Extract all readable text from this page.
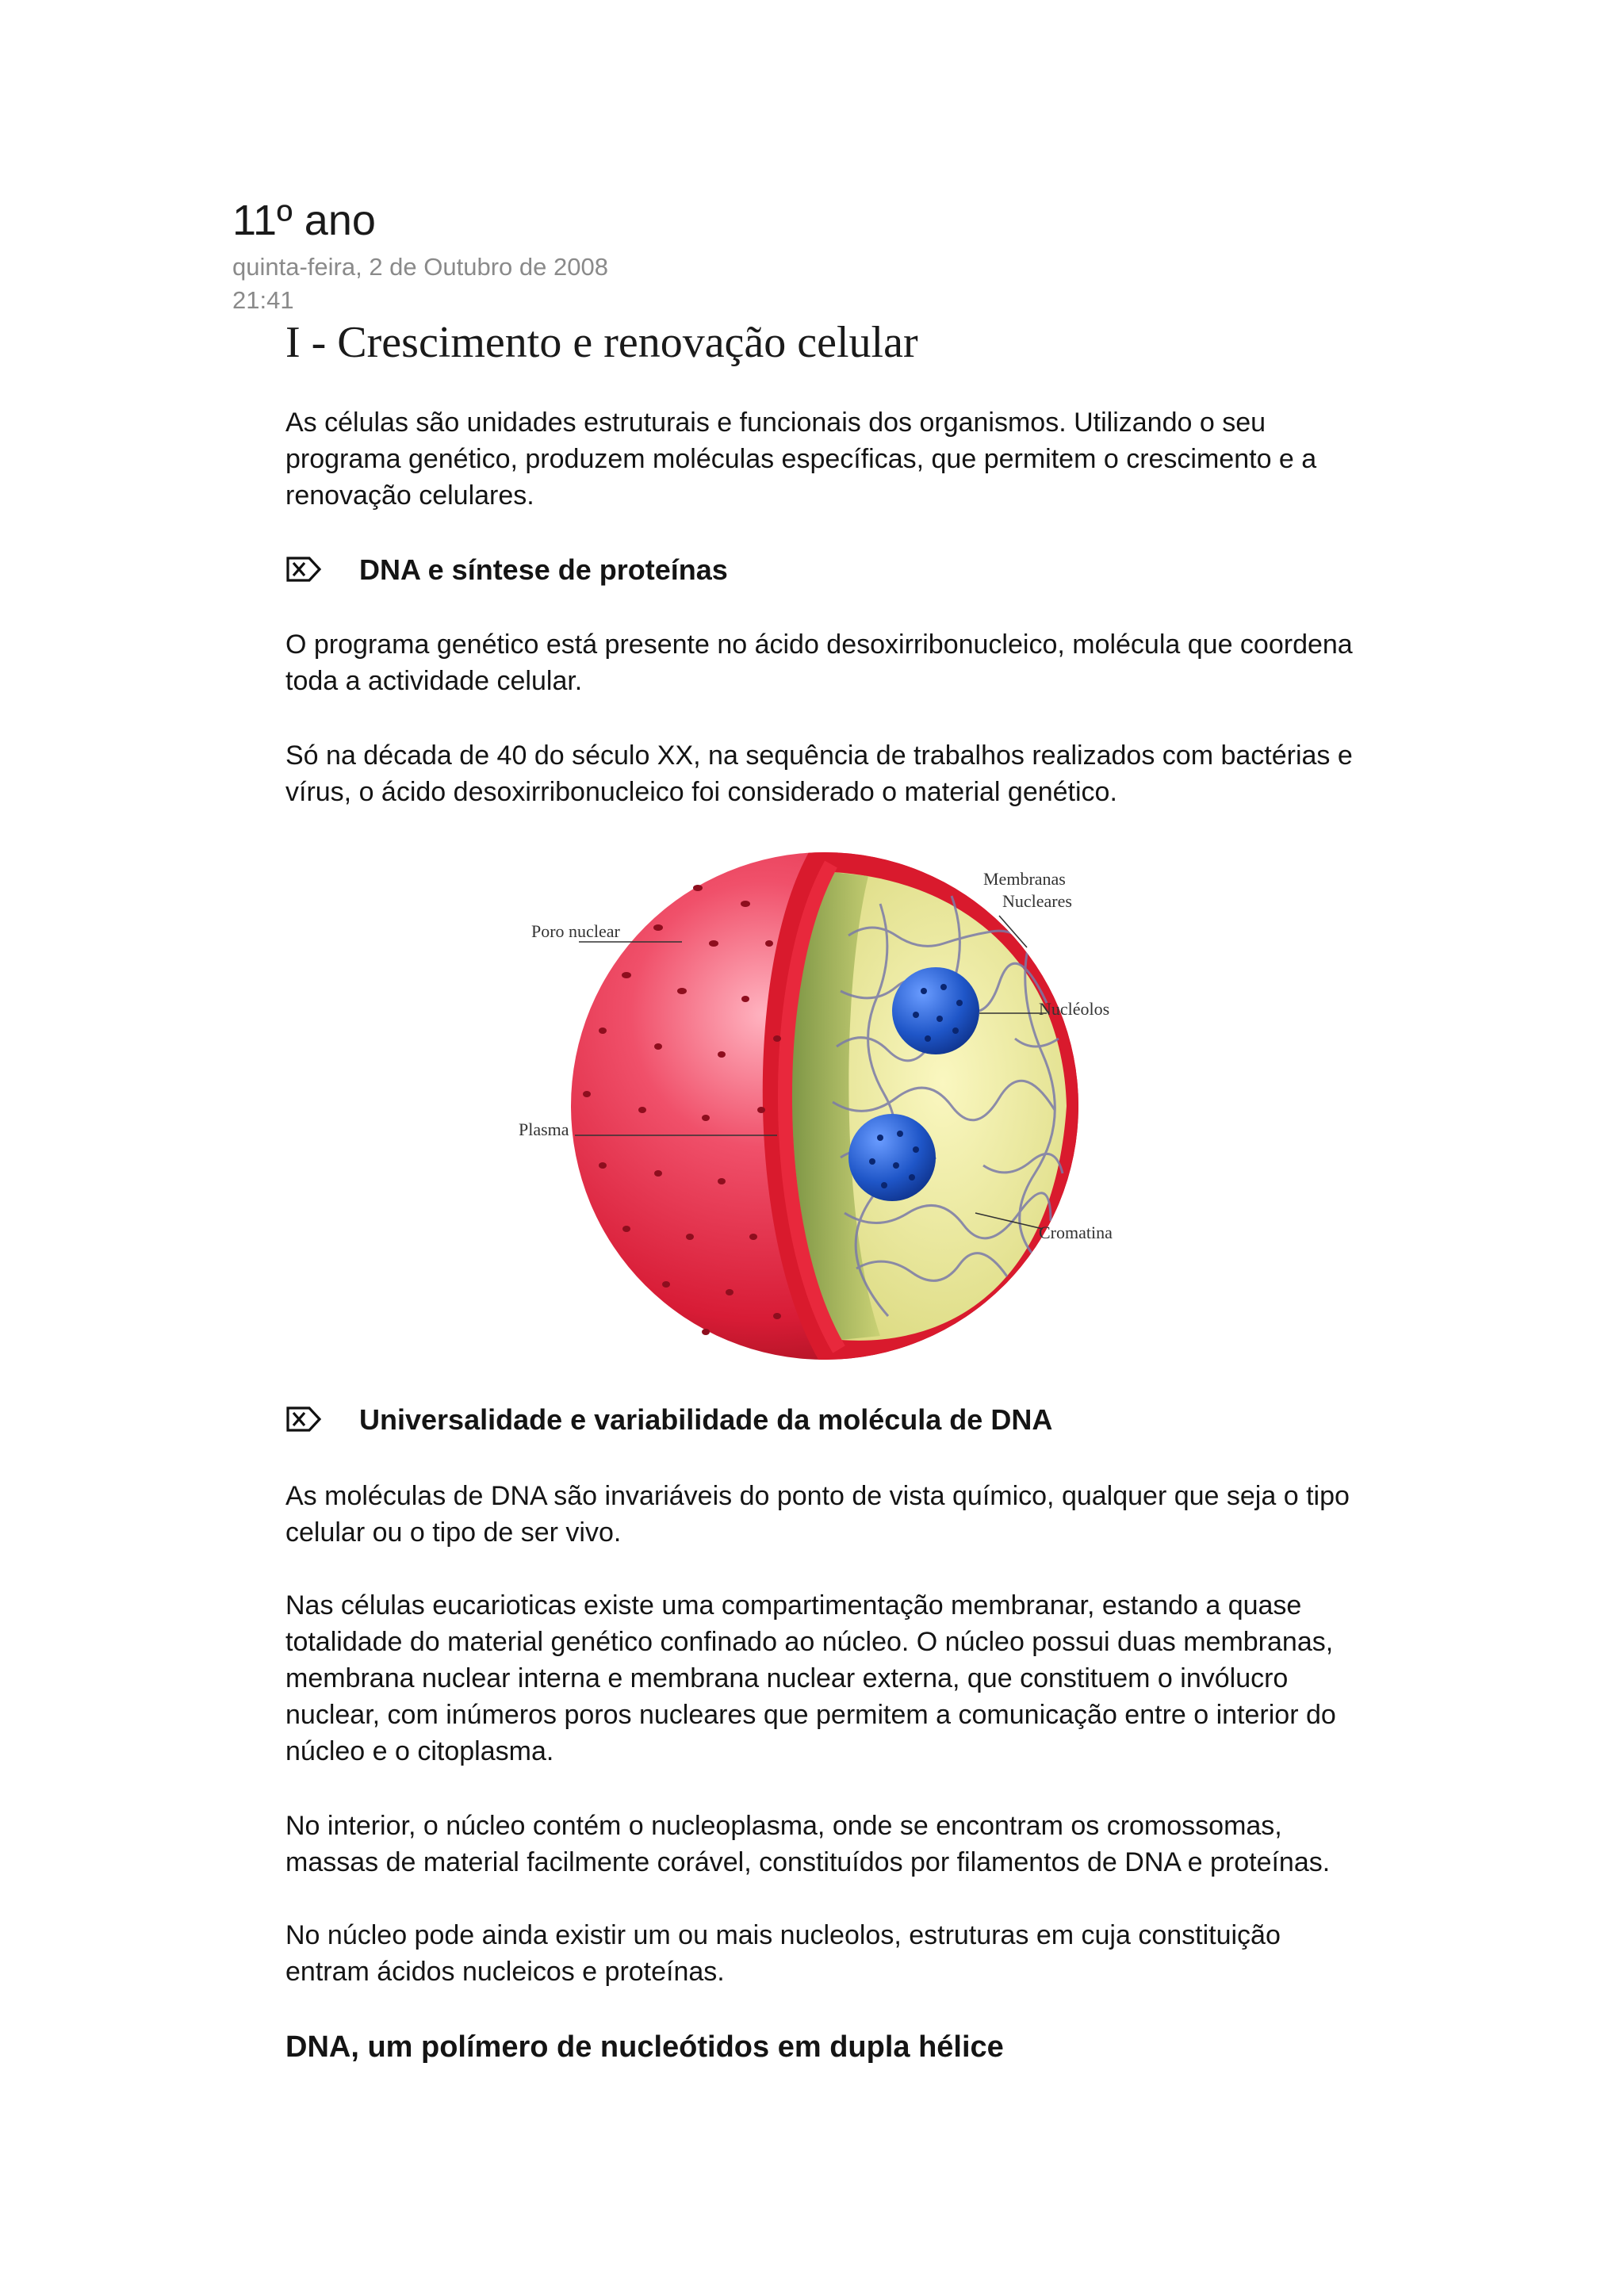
11º ano
quinta-feira, 2 de Outubro de 2008
21:41
I - Crescimento e renovação celular
As células são unidades estruturais e funcionais dos organismos. Utilizando o seu
programa genético, produzem moléculas específicas, que permitem o crescimento e a
renovação celulares.
DNA e síntese de proteínas
O programa genético está presente no ácido desoxirribonucleico, molécula que coordena
toda a actividade celular.
Só na década de 40 do século XX, na sequência de trabalhos realizados com bactérias e
vírus, o ácido desoxirribonucleico foi considerado o material genético.
Poro nuclear
Membranas
Nucleares
Nucléolos
Plasma
Cromatina
Universalidade e variabilidade da molécula de DNA
As moléculas de DNA são invariáveis do ponto de vista químico, qualquer que seja o tipo
celular ou o tipo de ser vivo.
Nas células eucarioticas existe uma compartimentação membranar, estando a quase
totalidade do material genético confinado ao núcleo. O núcleo possui duas membranas,
membrana nuclear interna e membrana nuclear externa, que constituem o invólucro
nuclear, com inúmeros poros nucleares que permitem a comunicação entre o interior do
núcleo e o citoplasma.
No interior, o núcleo contém o nucleoplasma, onde se encontram os cromossomas,
massas de material facilmente corável, constituídos por filamentos de DNA e proteínas.
No núcleo pode ainda existir um ou mais nucleolos, estruturas em cuja constituição
entram ácidos nucleicos e proteínas.
DNA, um polímero de nucleótidos em dupla hélice
